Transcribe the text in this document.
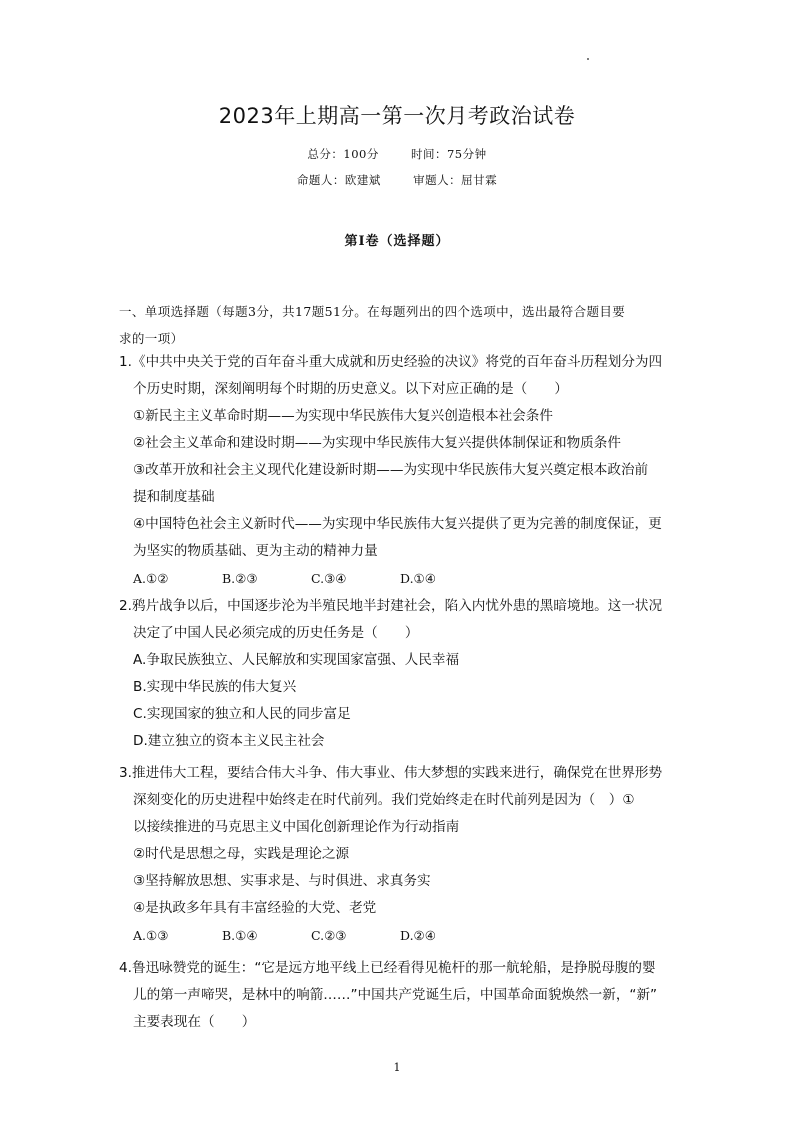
2023年上期高一第一次月考政治试卷
总分：100分	时间：75分钟
命题人：欧建斌	审题人：屈甘霖
第Ⅰ卷（选择题）
一、单项选择题（每题3分，共17题51分。在每题列出的四个选项中，选出最符合题目要
求的一项）
1.《中共中央关于党的百年奋斗重大成就和历史经验的决议》将党的百年奋斗历程划分为四
个历史时期，深刻阐明每个时期的历史意义。以下对应正确的是（　　）
①新民主主义革命时期——为实现中华民族伟大复兴创造根本社会条件
②社会主义革命和建设时期——为实现中华民族伟大复兴提供体制保证和物质条件
③改革开放和社会主义现代化建设新时期——为实现中华民族伟大复兴奠定根本政治前
提和制度基础
④中国特色社会主义新时代——为实现中华民族伟大复兴提供了更为完善的制度保证，更
为坚实的物质基础、更为主动的精神力量
A.①②	B.②③	C.③④	D.①④
2.鸦片战争以后，中国逐步沦为半殖民地半封建社会，陷入内忧外患的黑暗境地。这一状况
决定了中国人民必须完成的历史任务是（　　）
A.争取民族独立、人民解放和实现国家富强、人民幸福
B.实现中华民族的伟大复兴
C.实现国家的独立和人民的同步富足
D.建立独立的资本主义民主社会
3.推进伟大工程，要结合伟大斗争、伟大事业、伟大梦想的实践来进行，确保党在世界形势
深刻变化的历史进程中始终走在时代前列。我们党始终走在时代前列是因为（　）①
以接续推进的马克思主义中国化创新理论作为行动指南
②时代是思想之母，实践是理论之源
③坚持解放思想、实事求是、与时俱进、求真务实
④是执政多年具有丰富经验的大党、老党
A.①③	B.①④	C.②③	D.②④
4.鲁迅咏赞党的诞生：“它是远方地平线上已经看得见桅杆的那一航轮船，是挣脱母腹的婴
儿的第一声啼哭，是林中的响箭……”中国共产党诞生后，中国革命面貌焕然一新，“新”
主要表现在（　　）
1
